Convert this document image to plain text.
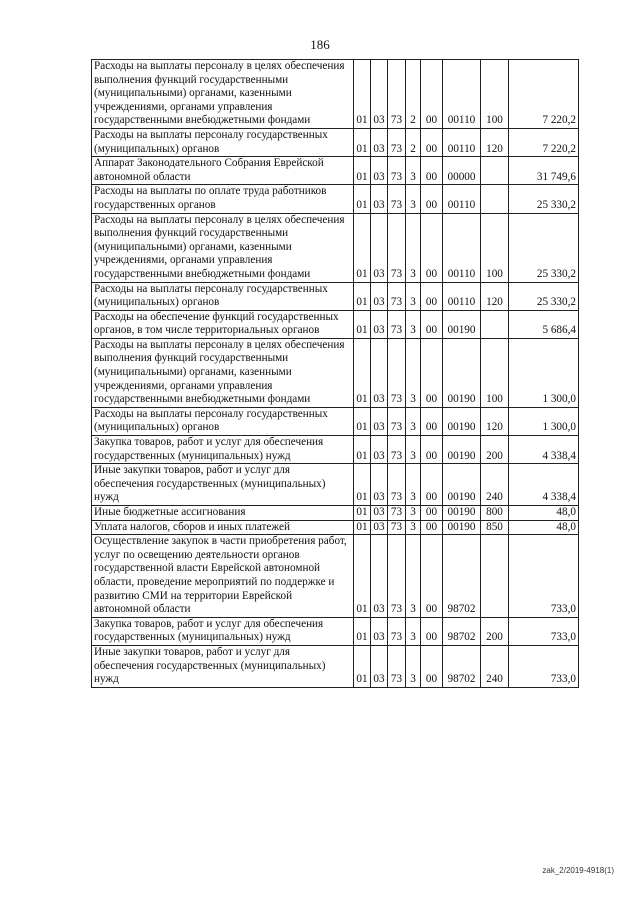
186
Расходы на выплаты персоналу в целях обеспечения выполнения функций государственными (муниципальными) органами, казенными учреждениями, органами управления государственными внебюджетными фондами	01	03	73	2	00	00110	100	7 220,2
Расходы на выплаты персоналу государственных (муниципальных) органов	01	03	73	2	00	00110	120	7 220,2
Аппарат Законодательного Собрания Еврейской автономной области	01	03	73	3	00	00000		31 749,6
Расходы на выплаты по оплате труда работников государственных органов	01	03	73	3	00	00110		25 330,2
Расходы на выплаты персоналу в целях обеспечения выполнения функций государственными (муниципальными) органами, казенными учреждениями, органами управления государственными внебюджетными фондами	01	03	73	3	00	00110	100	25 330,2
Расходы на выплаты персоналу государственных (муниципальных) органов	01	03	73	3	00	00110	120	25 330,2
Расходы на обеспечение функций государственных органов, в том числе территориальных органов	01	03	73	3	00	00190		5 686,4
Расходы на выплаты персоналу в целях обеспечения выполнения функций государственными (муниципальными) органами, казенными учреждениями, органами управления государственными внебюджетными фондами	01	03	73	3	00	00190	100	1 300,0
Расходы на выплаты персоналу государственных (муниципальных) органов	01	03	73	3	00	00190	120	1 300,0
Закупка товаров, работ и услуг для обеспечения государственных (муниципальных) нужд	01	03	73	3	00	00190	200	4 338,4
Иные закупки товаров, работ и услуг для обеспечения государственных (муниципальных) нужд	01	03	73	3	00	00190	240	4 338,4
Иные бюджетные ассигнования	01	03	73	3	00	00190	800	48,0
Уплата налогов, сборов и иных платежей	01	03	73	3	00	00190	850	48,0
Осуществление закупок в части приобретения работ, услуг по освещению деятельности органов государственной власти Еврейской автономной области, проведение мероприятий по поддержке и развитию СМИ на территории Еврейской автономной области	01	03	73	3	00	98702		733,0
Закупка товаров, работ и услуг для обеспечения государственных (муниципальных) нужд	01	03	73	3	00	98702	200	733,0
Иные закупки товаров, работ и услуг для обеспечения государственных (муниципальных) нужд	01	03	73	3	00	98702	240	733,0
zak_2/2019-4918(1)
